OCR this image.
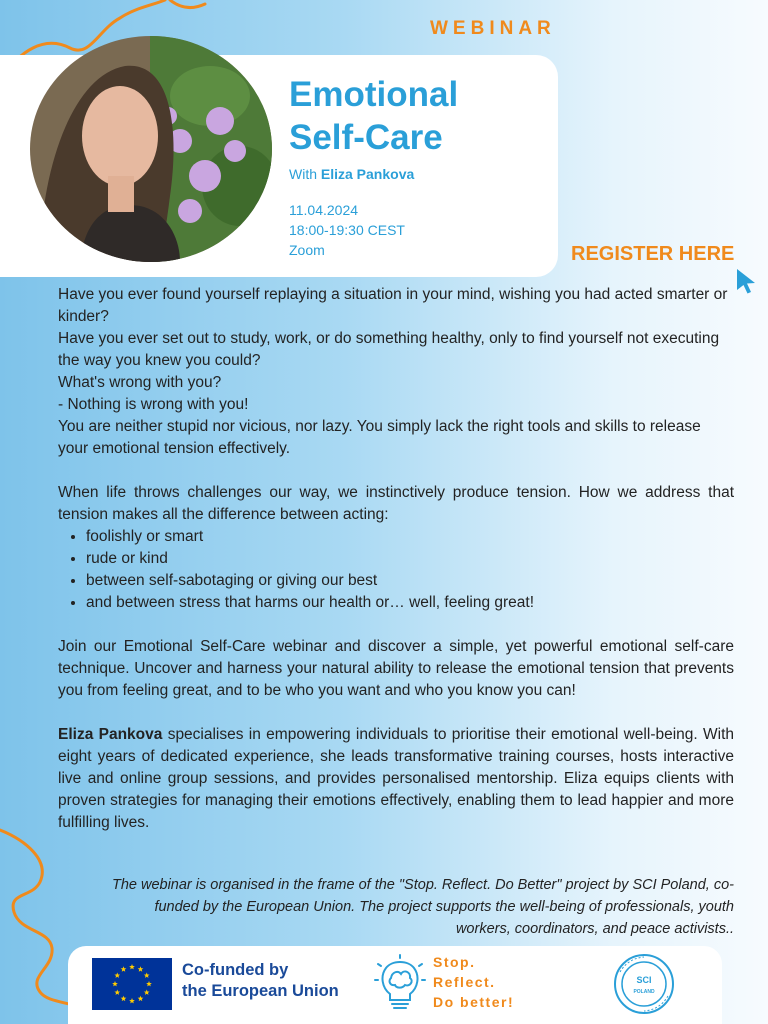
WEBINAR
Emotional
Self-Care
With Eliza Pankova
11.04.2024
18:00-19:30 CEST
Zoom	REGISTER HERE

Have you ever found yourself replaying a situation in your mind, wishing you had acted smarter or kinder?

Have you ever set out to study, work, or do something healthy, only to find yourself not executing the way you knew you could?

What's wrong with you?

- Nothing is wrong with you!

You are neither stupid nor vicious, nor lazy. You simply lack the right tools and skills to release your emotional tension effectively.

When life throws challenges our way, we instinctively produce tension. How we address that tension makes all the difference between acting:

• foolishly or smart
• rude or kind
• between self-sabotaging or giving our best
• and between stress that harms our health or… well, feeling great!

Join our Emotional Self-Care webinar and discover a simple, yet powerful emotional self-care technique. Uncover and harness your natural ability to release the emotional tension that prevents you from feeling great, and to be who you want and who you know you can!

Eliza Pankova specialises in empowering individuals to prioritise their emotional well-being. With eight years of dedicated experience, she leads transformative training courses, hosts interactive live and online group sessions, and provides personalised mentorship. Eliza equips clients with proven strategies for managing their emotions effectively, enabling them to lead happier and more fulfilling lives.

The webinar is organised in the frame of the "Stop. Reflect. Do Better" project by SCI Poland, co-funded by the European Union. The project supports the well-being of professionals, youth workers, coordinators, and peace activists..
Co-funded by
the European Union
Stop.
Reflect.
Do better!
SCI
POLAND
